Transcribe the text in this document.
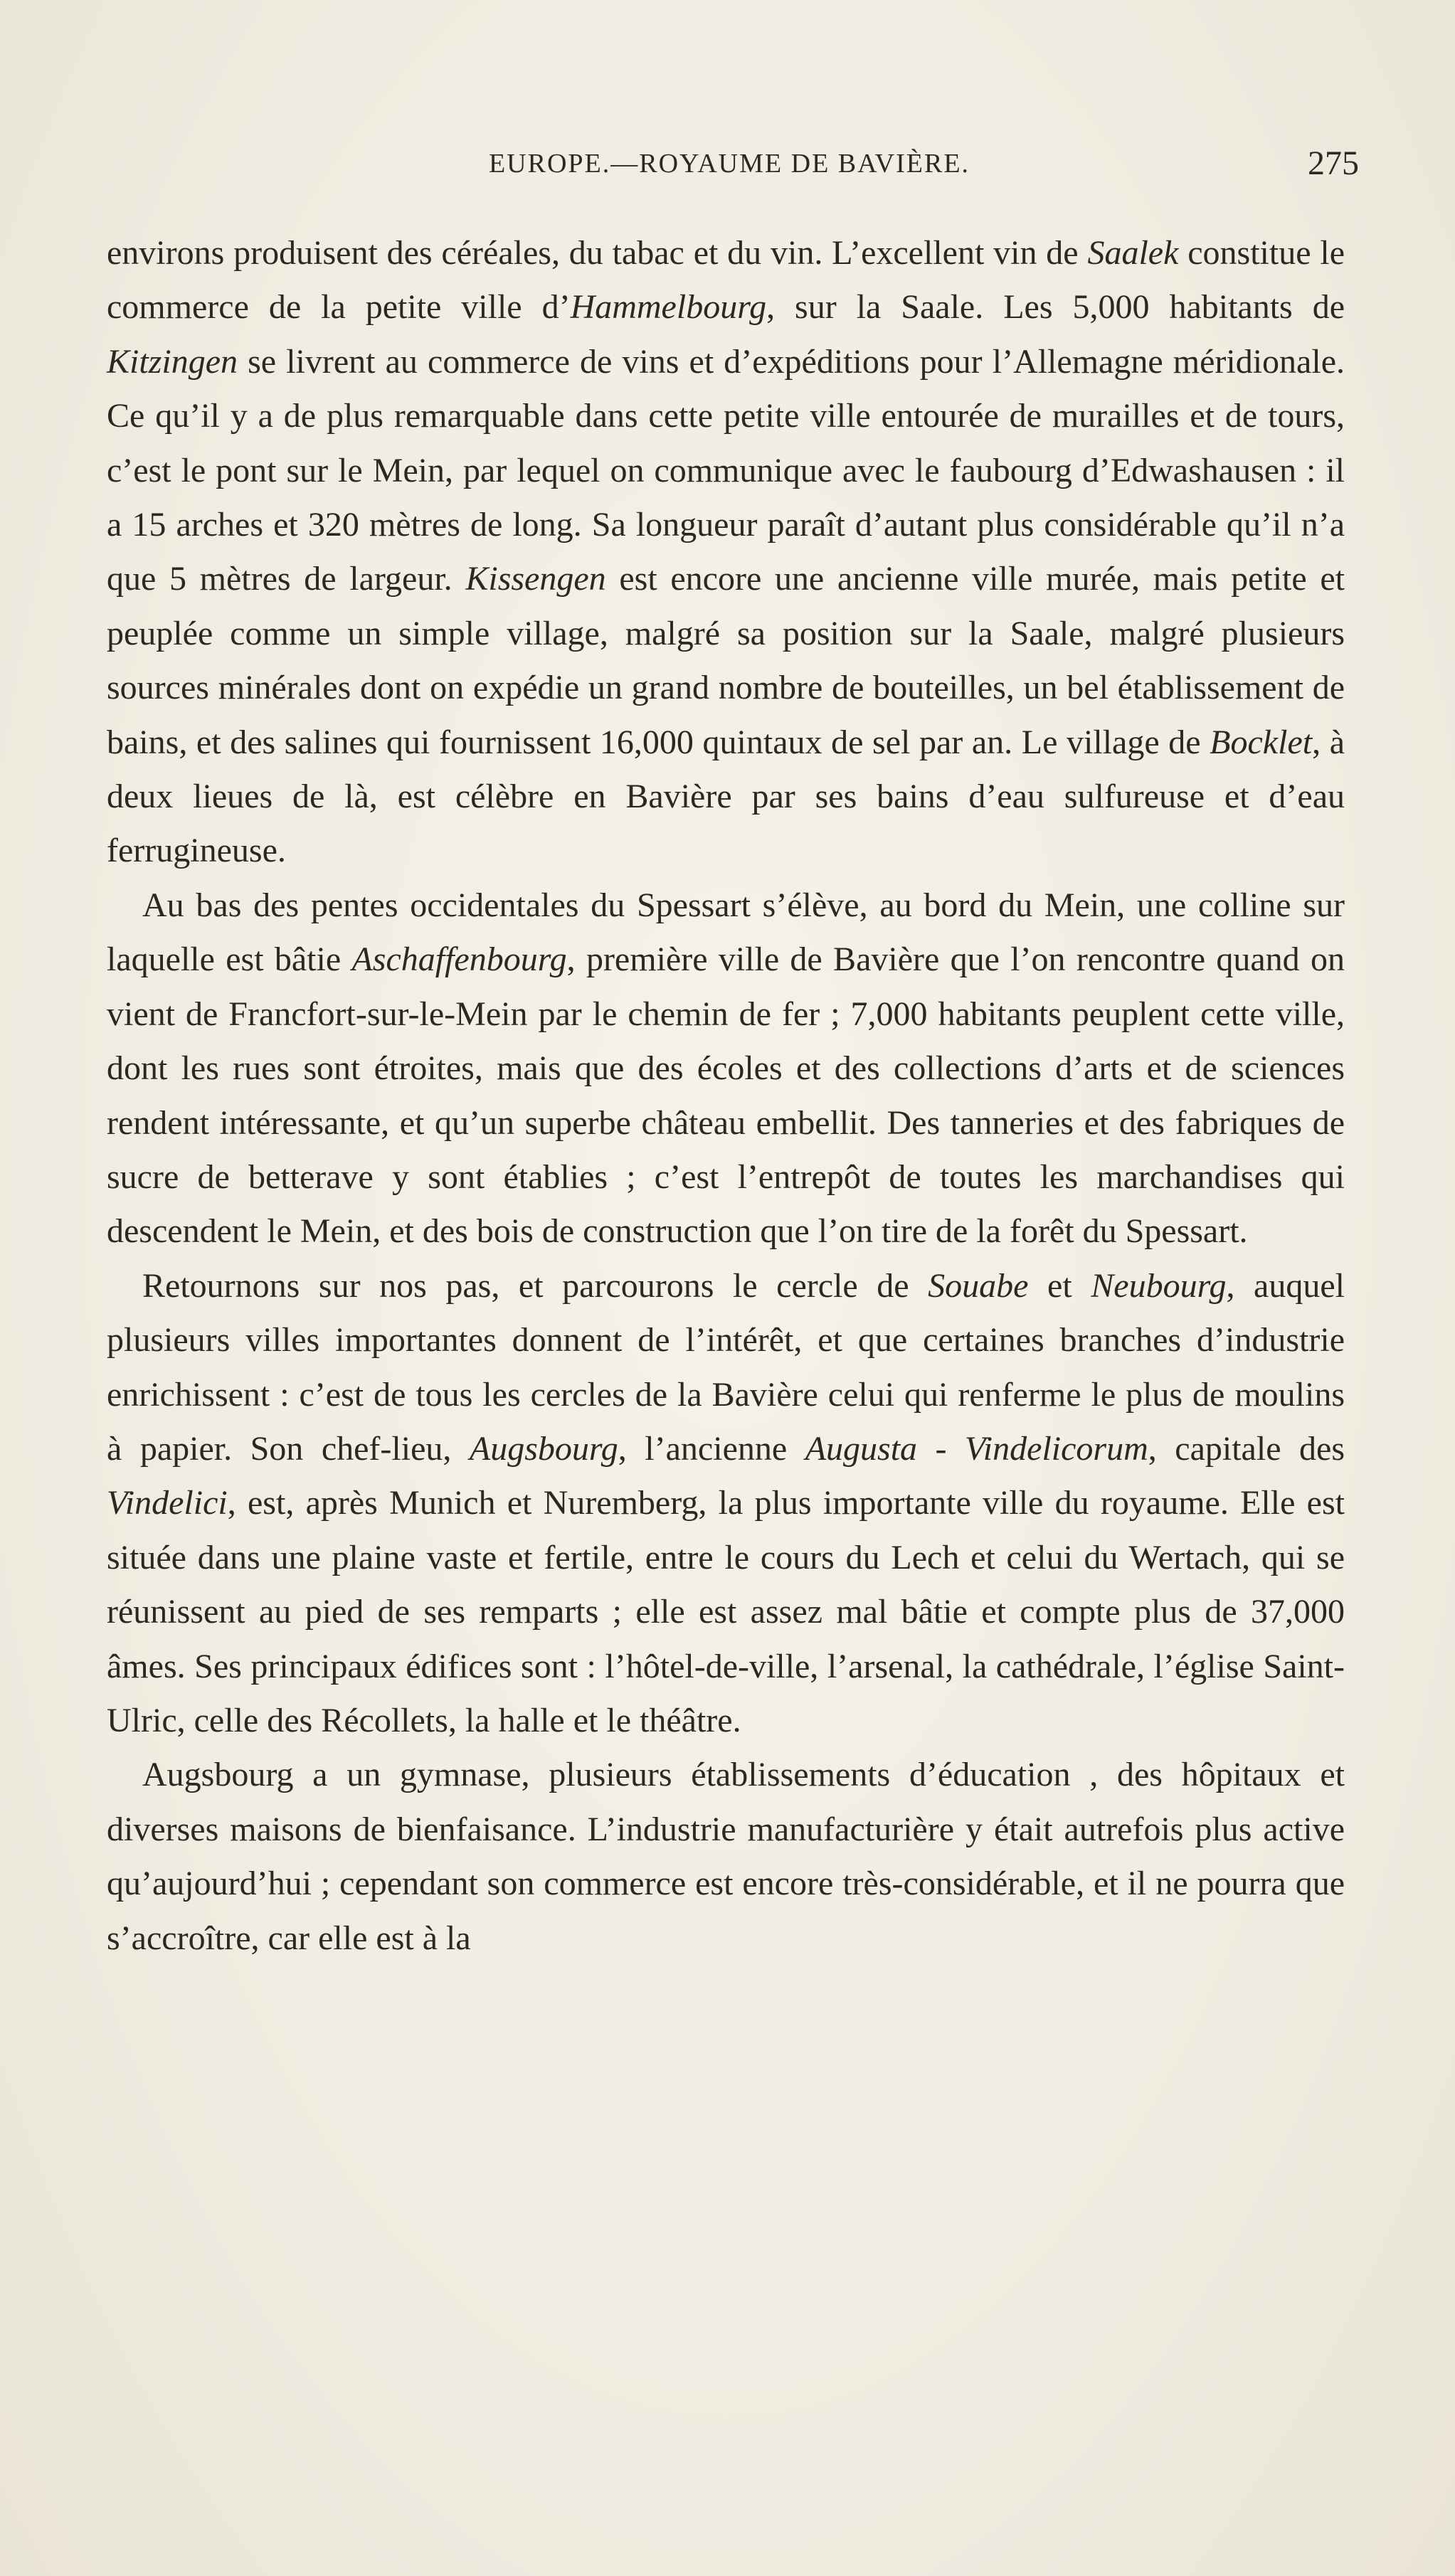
EUROPE.—ROYAUME DE BAVIÈRE.	275

environs produisent des céréales, du tabac et du vin. L’excellent vin de Saalek constitue le commerce de la petite ville d’Hammelbourg, sur la Saale. Les 5,000 habitants de Kitzingen se livrent au commerce de vins et d’expéditions pour l’Allemagne méridionale. Ce qu’il y a de plus remarquable dans cette petite ville entourée de murailles et de tours, c’est le pont sur le Mein, par lequel on communique avec le faubourg d’Edwashausen : il a 15 arches et 320 mètres de long. Sa longueur paraît d’autant plus considérable qu’il n’a que 5 mètres de largeur. Kissengen est encore une ancienne ville murée, mais petite et peuplée comme un simple village, malgré sa position sur la Saale, malgré plusieurs sources minérales dont on expédie un grand nombre de bouteilles, un bel établissement de bains, et des salines qui fournissent 16,000 quintaux de sel par an. Le village de Bocklet, à deux lieues de là, est célèbre en Bavière par ses bains d’eau sulfureuse et d’eau ferrugineuse.

Au bas des pentes occidentales du Spessart s’élève, au bord du Mein, une colline sur laquelle est bâtie Aschaffenbourg, première ville de Bavière que l’on rencontre quand on vient de Francfort-sur-le-Mein par le chemin de fer ; 7,000 habitants peuplent cette ville, dont les rues sont étroites, mais que des écoles et des collections d’arts et de sciences rendent intéressante, et qu’un superbe château embellit. Des tanneries et des fabriques de sucre de betterave y sont établies ; c’est l’entrepôt de toutes les marchandises qui descendent le Mein, et des bois de construction que l’on tire de la forêt du Spessart.

Retournons sur nos pas, et parcourons le cercle de Souabe et Neubourg, auquel plusieurs villes importantes donnent de l’intérêt, et que certaines branches d’industrie enrichissent : c’est de tous les cercles de la Bavière celui qui renferme le plus de moulins à papier. Son chef-lieu, Augsbourg, l’ancienne Augusta - Vindelicorum, capitale des Vindelici, est, après Munich et Nuremberg, la plus importante ville du royaume. Elle est située dans une plaine vaste et fertile, entre le cours du Lech et celui du Wertach, qui se réunissent au pied de ses remparts ; elle est assez mal bâtie et compte plus de 37,000 âmes. Ses principaux édifices sont : l’hôtel-de-ville, l’arsenal, la cathédrale, l’église Saint-Ulric, celle des Récollets, la halle et le théâtre.

Augsbourg a un gymnase, plusieurs établissements d’éducation , des hôpitaux et diverses maisons de bienfaisance. L’industrie manufacturière y était autrefois plus active qu’aujourd’hui ; cependant son commerce est encore très-considérable, et il ne pourra que s’accroître, car elle est à la
